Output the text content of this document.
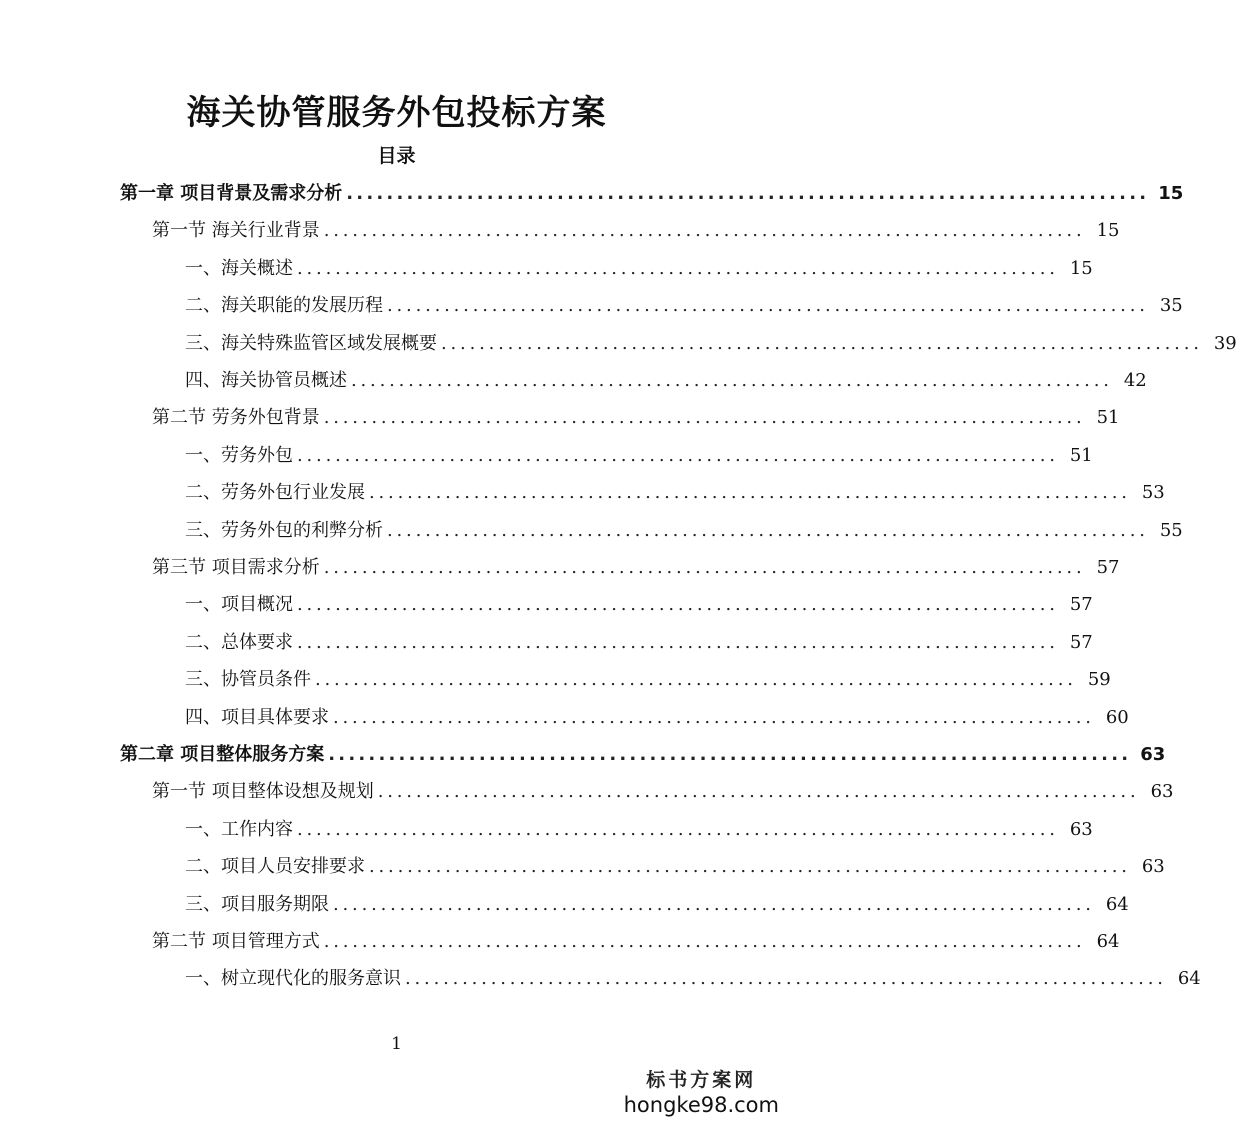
海关协管服务外包投标方案
目录
第一章 项目背景及需求分析 ................................................................................ 15
第一节 海关行业背景 ................................................................................ 15
一、海关概述 ................................................................................ 15
二、海关职能的发展历程 ................................................................................ 35
三、海关特殊监管区域发展概要 ................................................................................ 39
四、海关协管员概述 ................................................................................ 42
第二节 劳务外包背景 ................................................................................ 51
一、劳务外包 ................................................................................ 51
二、劳务外包行业发展 ................................................................................ 53
三、劳务外包的利弊分析 ................................................................................ 55
第三节 项目需求分析 ................................................................................ 57
一、项目概况 ................................................................................ 57
二、总体要求 ................................................................................ 57
三、协管员条件 ................................................................................ 59
四、项目具体要求 ................................................................................ 60
第二章 项目整体服务方案 ................................................................................ 63
第一节 项目整体设想及规划 ................................................................................ 63
一、工作内容 ................................................................................ 63
二、项目人员安排要求 ................................................................................ 63
三、项目服务期限 ................................................................................ 64
第二节 项目管理方式 ................................................................................ 64
一、树立现代化的服务意识 ................................................................................ 64
1
标书方案网
hongke98.com
